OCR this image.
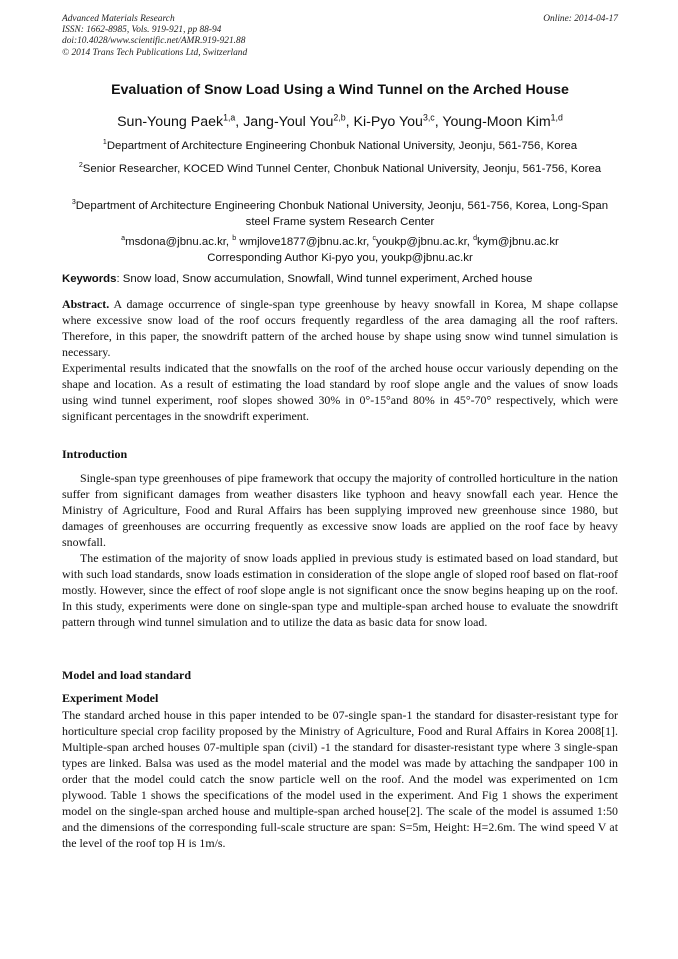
Advanced Materials Research
ISSN: 1662-8985, Vols. 919-921, pp 88-94
doi:10.4028/www.scientific.net/AMR.919-921.88
© 2014 Trans Tech Publications Ltd, Switzerland
Online: 2014-04-17
Evaluation of Snow Load Using a Wind Tunnel on the Arched House
Sun-Young Paek$^{1,a}$, Jang-Youl You$^{2,b}$, Ki-Pyo You$^{3,c}$, Young-Moon Kim$^{1,d}$
$^1$Department of Architecture Engineering Chonbuk National University, Jeonju, 561-756, Korea
$^2$Senior Researcher, KOCED Wind Tunnel Center, Chonbuk National University, Jeonju, 561-756, Korea
$^3$Department of Architecture Engineering Chonbuk National University, Jeonju, 561-756, Korea, Long-Span steel Frame system Research Center
$^a$msdona@jbnu.ac.kr, $^b$ wmjlove1877@jbnu.ac.kr, $^c$youkp@jbnu.ac.kr, $^d$kym@jbnu.ac.kr
Corresponding Author Ki-pyo you, youkp@jbnu.ac.kr
Keywords: Snow load, Snow accumulation, Snowfall, Wind tunnel experiment, Arched house

Abstract. A damage occurrence of single-span type greenhouse by heavy snowfall in Korea, M shape collapse where excessive snow load of the roof occurs frequently regardless of the area damaging all the roof rafters. Therefore, in this paper, the snowdrift pattern of the arched house by shape using snow wind tunnel simulation is necessary.

Experimental results indicated that the snowfalls on the roof of the arched house occur variously depending on the shape and location. As a result of estimating the load standard by roof slope angle and the values of snow loads using wind tunnel experiment, roof slopes showed 30% in 0°-15°and 80% in 45°-70° respectively, which were significant percentages in the snowdrift experiment.

Introduction

Single-span type greenhouses of pipe framework that occupy the majority of controlled horticulture in the nation suffer from significant damages from weather disasters like typhoon and heavy snowfall each year. Hence the Ministry of Agriculture, Food and Rural Affairs has been supplying improved new greenhouse since 1980, but damages of greenhouses are occurring frequently as excessive snow loads are applied on the roof face by heavy snowfall.

The estimation of the majority of snow loads applied in previous study is estimated based on load standard, but with such load standards, snow loads estimation in consideration of the slope angle of sloped roof based on flat-roof mostly. However, since the effect of roof slope angle is not significant once the snow begins heaping up on the roof. In this study, experiments were done on single-span type and multiple-span arched house to evaluate the snowdrift pattern through wind tunnel simulation and to utilize the data as basic data for snow load.

Model and load standard
Experiment Model

The standard arched house in this paper intended to be 07-single span-1 the standard for disaster-resistant type for horticulture special crop facility proposed by the Ministry of Agriculture, Food and Rural Affairs in Korea 2008[1]. Multiple-span arched houses 07-multiple span (civil) -1 the standard for disaster-resistant type where 3 single-span types are linked. Balsa was used as the model material and the model was made by attaching the sandpaper 100 in order that the model could catch the snow particle well on the roof. And the model was experimented on 1cm plywood. Table 1 shows the specifications of the model used in the experiment. And Fig 1 shows the experiment model on the single-span arched house and multiple-span arched house[2]. The scale of the model is assumed 1:50 and the dimensions of the corresponding full-scale structure are span: S=5m, Height: H=2.6m. The wind speed V at the level of the roof top H is 1m/s.
